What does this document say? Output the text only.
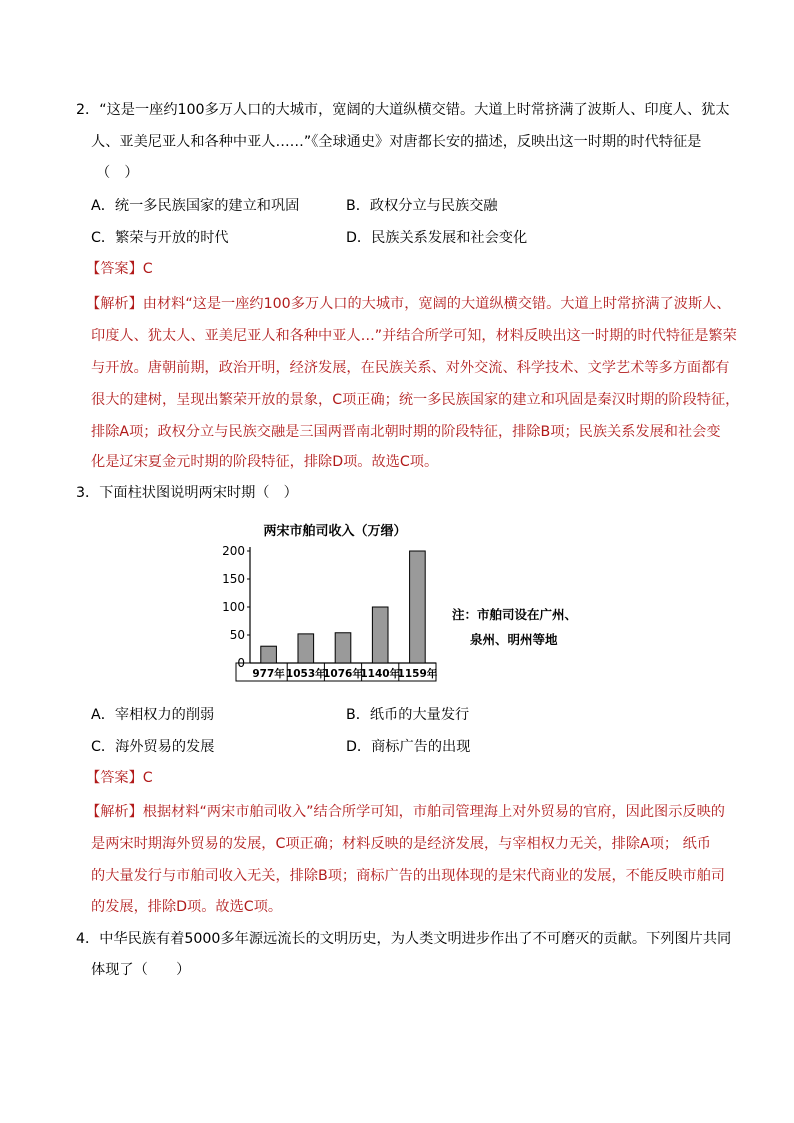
2．“这是一座约100多万人口的大城市，宽阔的大道纵横交错。大道上时常挤满了波斯人、印度人、犹太
人、亚美尼亚人和各种中亚人……”《全球通史》对唐都长安的描述，反映出这一时期的时代特征是
（　）
A．统一多民族国家的建立和巩固	B．政权分立与民族交融
C．繁荣与开放的时代	D．民族关系发展和社会变化
【答案】C
【解析】由材料“这是一座约100多万人口的大城市，宽阔的大道纵横交错。大道上时常挤满了波斯人、
印度人、犹太人、亚美尼亚人和各种中亚人…”并结合所学可知，材料反映出这一时期的时代特征是繁荣
与开放。唐朝前期，政治开明，经济发展，在民族关系、对外交流、科学技术、文学艺术等多方面都有
很大的建树，呈现出繁荣开放的景象，C项正确；统一多民族国家的建立和巩固是秦汉时期的阶段特征，
排除A项；政权分立与民族交融是三国两晋南北朝时期的阶段特征，排除B项；民族关系发展和社会变
化是辽宋夏金元时期的阶段特征，排除D项。故选C项。
3．下面柱状图说明两宋时期（　）
两宋市舶司收入（万缗）
注：市舶司设在广州、
泉州、明州等地
0
50
100
150
200
977年 1053年
1076年
1140年
1159年
A．宰相权力的削弱	B．纸币的大量发行
C．海外贸易的发展	D．商标广告的出现
【答案】C
【解析】根据材料“两宋市舶司收入”结合所学可知，市舶司管理海上对外贸易的官府，因此图示反映的
是两宋时期海外贸易的发展，C项正确；材料反映的是经济发展，与宰相权力无关，排除A项； 纸币
的大量发行与市舶司收入无关，排除B项；商标广告的出现体现的是宋代商业的发展，不能反映市舶司
的发展，排除D项。故选C项。
4．中华民族有着5000多年源远流长的文明历史，为人类文明进步作出了不可磨灭的贡献。下列图片共同
体现了（　　）
